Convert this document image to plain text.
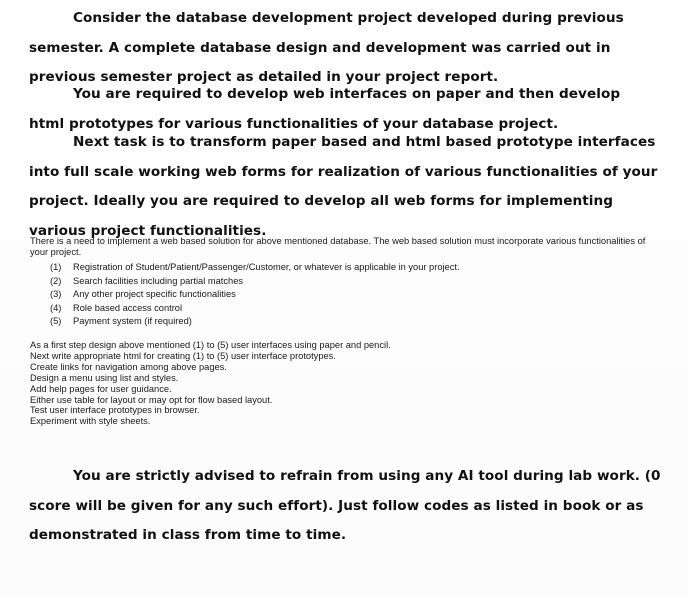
Consider the database development project developed during previous semester. A complete database design and development was carried out in previous semester project as detailed in your project report.

You are required to develop web interfaces on paper and then develop html prototypes for various functionalities of your database project.

Next task is to transform paper based and html based prototype interfaces into full scale working web forms for realization of various functionalities of your project. Ideally you are required to develop all web forms for implementing various project functionalities.

There is a need to implement a web based solution for above mentioned database. The web based solution must incorporate various functionalities of your project.

(1) Registration of Student/Patient/Passenger/Customer, or whatever is applicable in your project.
(2) Search facilities including partial matches
(3) Any other project specific functionalities
(4) Role based access control
(5) Payment system (if required)

As a first step design above mentioned (1) to (5) user interfaces using paper and pencil.
Next write appropriate html for creating (1) to (5) user interface prototypes.
Create links for navigation among above pages.
Design a menu using list and styles.
Add help pages for user guidance.
Either use table for layout or may opt for flow based layout.
Test user interface prototypes in browser.
Experiment with style sheets.

You are strictly advised to refrain from using any AI tool during lab work. (0 score will be given for any such effort). Just follow codes as listed in book or as demonstrated in class from time to time.
